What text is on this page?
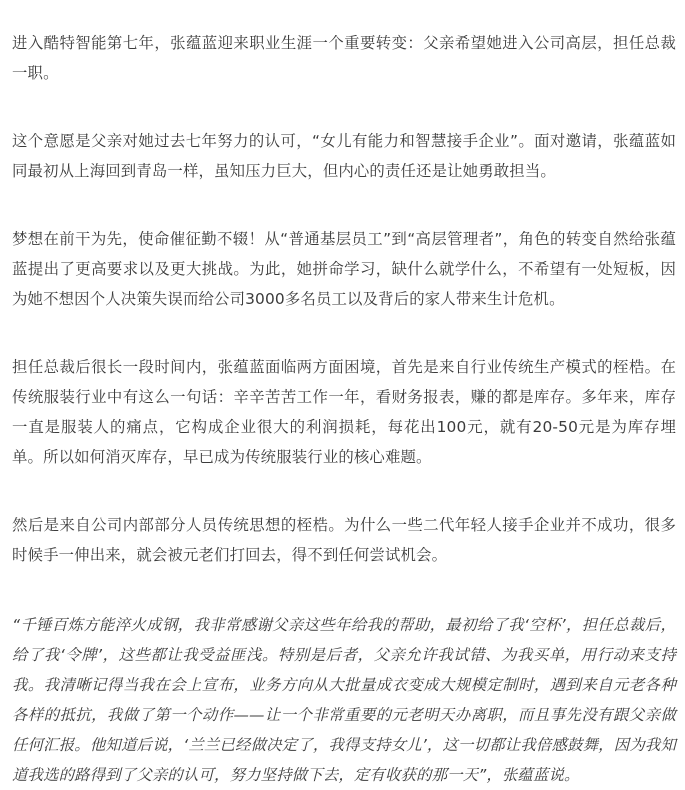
进入酷特智能第七年，张蕴蓝迎来职业生涯一个重要转变：父亲希望她进入公司高层，担任总裁一职。

这个意愿是父亲对她过去七年努力的认可，“女儿有能力和智慧接手企业”。面对邀请，张蕴蓝如同最初从上海回到青岛一样，虽知压力巨大，但内心的责任还是让她勇敢担当。

梦想在前干为先，使命催征勤不辍！从“普通基层员工”到“高层管理者”，角色的转变自然给张蕴蓝提出了更高要求以及更大挑战。为此，她拼命学习，缺什么就学什么，不希望有一处短板，因为她不想因个人决策失误而给公司3000多名员工以及背后的家人带来生计危机。

担任总裁后很长一段时间内，张蕴蓝面临两方面困境，首先是来自行业传统生产模式的桎梏。在传统服装行业中有这么一句话：辛辛苦苦工作一年，看财务报表，赚的都是库存。多年来，库存一直是服装人的痛点，它构成企业很大的利润损耗，每花出100元，就有20-50元是为库存埋单。所以如何消灭库存，早已成为传统服装行业的核心难题。

然后是来自公司内部部分人员传统思想的桎梏。为什么一些二代年轻人接手企业并不成功，很多时候手一伸出来，就会被元老们打回去，得不到任何尝试机会。

“千锤百炼方能淬火成钢，我非常感谢父亲这些年给我的帮助，最初给了我‘空杯’，担任总裁后，给了我‘令牌’，这些都让我受益匪浅。特别是后者，父亲允许我试错、为我买单，用行动来支持我。我清晰记得当我在会上宣布，业务方向从大批量成衣变成大规模定制时，遇到来自元老各种各样的抵抗，我做了第一个动作——让一个非常重要的元老明天办离职，而且事先没有跟父亲做任何汇报。他知道后说，‘兰兰已经做决定了，我得支持女儿’，这一切都让我倍感鼓舞，因为我知道我选的路得到了父亲的认可，努力坚持做下去，定有收获的那一天”，张蕴蓝说。
